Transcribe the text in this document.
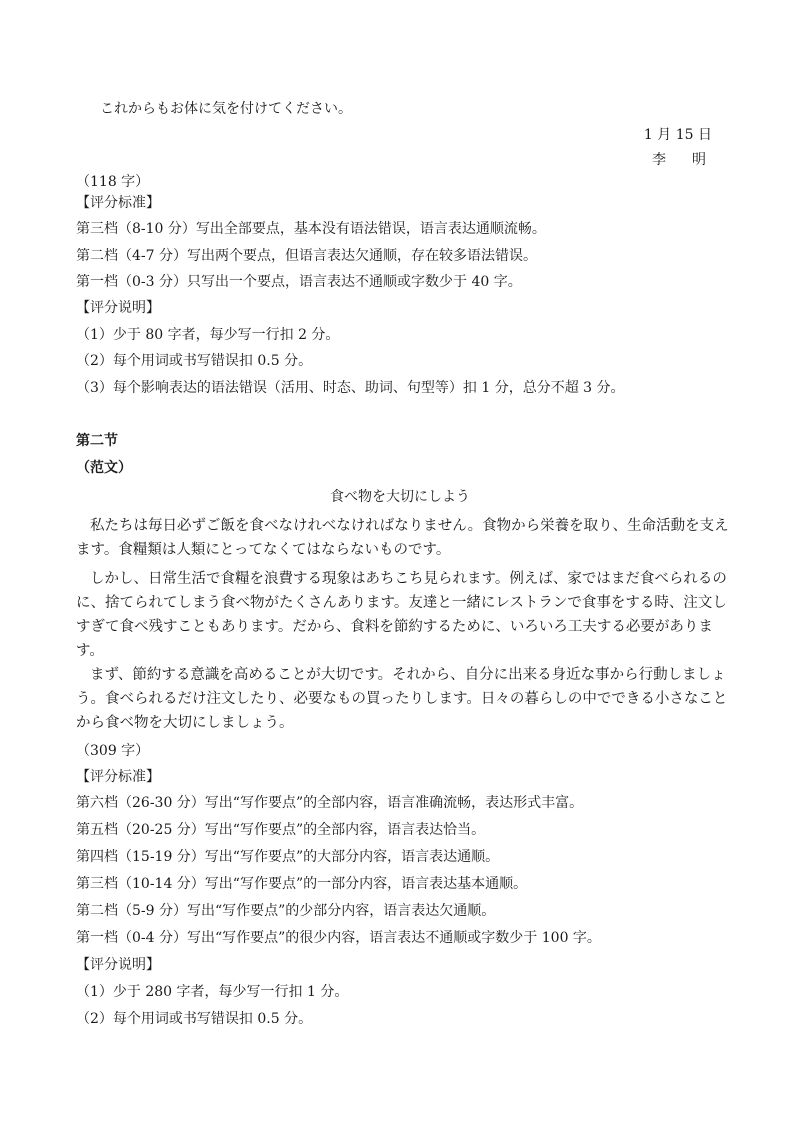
これからもお体に気を付けてください。
1 月 15 日
李　明
（118 字）
【评分标准】
第三档（8-10 分）写出全部要点，基本没有语法错误，语言表达通顺流畅。
第二档（4-7 分）写出两个要点，但语言表达欠通顺，存在较多语法错误。
第一档（0-3 分）只写出一个要点，语言表达不通顺或字数少于 40 字。
【评分说明】
（1）少于 80 字者，每少写一行扣 2 分。
（2）每个用词或书写错误扣 0.5 分。
（3）每个影响表达的语法错误（活用、时态、助词、句型等）扣 1 分，总分不超 3 分。
第二节
（范文）
食べ物を大切にしよう

私たちは毎日必ずご飯を食べなけれべなければなりません。食物から栄養を取り、生命活動を支えます。食糧類は人類にとってなくてはならないものです。

しかし、日常生活で食糧を浪費する現象はあちこち見られます。例えば、家ではまだ食べられるのに、捨てられてしまう食べ物がたくさんあります。友達と一緒にレストランで食事をする時、注文しすぎて食べ残すこともあります。だから、食料を節約するために、いろいろ工夫する必要があります。

まず、節約する意識を高めることが大切です。それから、自分に出来る身近な事から行動しましょう。食べられるだけ注文したり、必要なもの買ったりします。日々の暮らしの中でできる小さなことから食べ物を大切にしましょう。

（309 字）
【评分标准】
第六档（26-30 分）写出“写作要点”的全部内容，语言准确流畅，表达形式丰富。
第五档（20-25 分）写出“写作要点”的全部内容，语言表达恰当。
第四档（15-19 分）写出“写作要点”的大部分内容，语言表达通顺。
第三档（10-14 分）写出“写作要点”的一部分内容，语言表达基本通顺。
第二档（5-9 分）写出“写作要点”的少部分内容，语言表达欠通顺。
第一档（0-4 分）写出“写作要点”的很少内容，语言表达不通顺或字数少于 100 字。
【评分说明】
（1）少于 280 字者，每少写一行扣 1 分。
（2）每个用词或书写错误扣 0.5 分。
